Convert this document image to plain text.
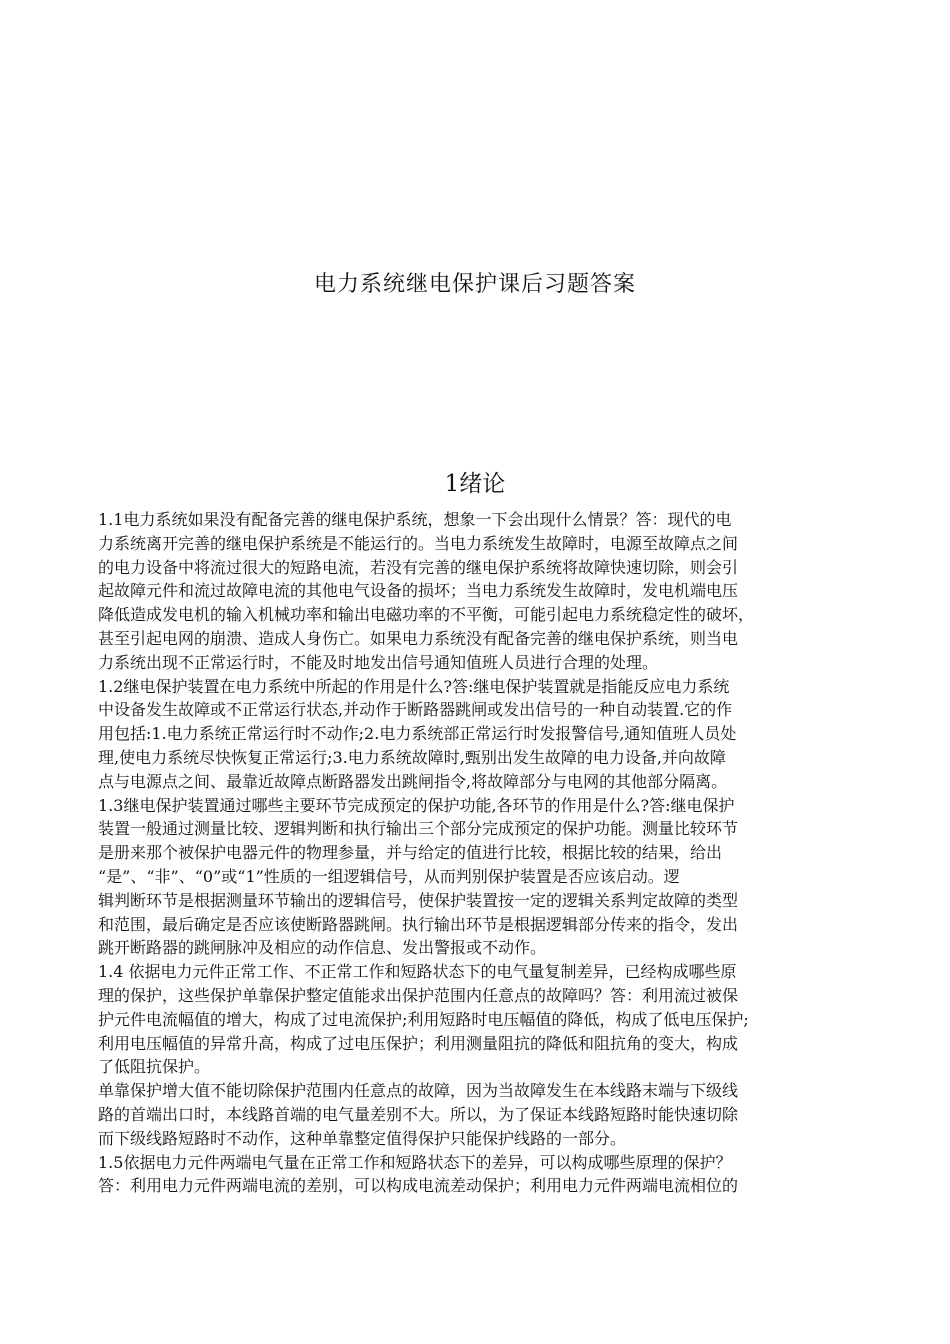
电力系统继电保护课后习题答案
1绪论
1.1电力系统如果没有配备完善的继电保护系统，想象一下会出现什么情景？答：现代的电
力系统离开完善的继电保护系统是不能运行的。当电力系统发生故障时，电源至故障点之间
的电力设备中将流过很大的短路电流，若没有完善的继电保护系统将故障快速切除，则会引
起故障元件和流过故障电流的其他电气设备的损坏；当电力系统发生故障时，发电机端电压
降低造成发电机的输入机械功率和输出电磁功率的不平衡，可能引起电力系统稳定性的破坏，
甚至引起电网的崩溃、造成人身伤亡。如果电力系统没有配备完善的继电保护系统，则当电
力系统出现不正常运行时，不能及时地发出信号通知值班人员进行合理的处理。
1.2继电保护装置在电力系统中所起的作用是什么?答:继电保护装置就是指能反应电力系统
中设备发生故障或不正常运行状态,并动作于断路器跳闸或发出信号的一种自动装置.它的作
用包括:1.电力系统正常运行时不动作;2.电力系统部正常运行时发报警信号,通知值班人员处
理,使电力系统尽快恢复正常运行;3.电力系统故障时,甄别出发生故障的电力设备,并向故障
点与电源点之间、最靠近故障点断路器发出跳闸指令,将故障部分与电网的其他部分隔离。
1.3继电保护装置通过哪些主要环节完成预定的保护功能,各环节的作用是什么?答:继电保护
装置一般通过测量比较、逻辑判断和执行输出三个部分完成预定的保护功能。测量比较环节
是册来那个被保护电器元件的物理参量，并与给定的值进行比较，根据比较的结果，给出
“是”、“非”、“0”或“1”性质的一组逻辑信号，从而判别保护装置是否应该启动。逻
辑判断环节是根据测量环节输出的逻辑信号，使保护装置按一定的逻辑关系判定故障的类型
和范围，最后确定是否应该使断路器跳闸。执行输出环节是根据逻辑部分传来的指令，发出
跳开断路器的跳闸脉冲及相应的动作信息、发出警报或不动作。
1.4 依据电力元件正常工作、不正常工作和短路状态下的电气量复制差异，已经构成哪些原
理的保护，这些保护单靠保护整定值能求出保护范围内任意点的故障吗？答：利用流过被保
护元件电流幅值的增大，构成了过电流保护;利用短路时电压幅值的降低，构成了低电压保护;
利用电压幅值的异常升高，构成了过电压保护；利用测量阻抗的降低和阻抗角的变大，构成
了低阻抗保护。
单靠保护增大值不能切除保护范围内任意点的故障，因为当故障发生在本线路末端与下级线
路的首端出口时，本线路首端的电气量差别不大。所以，为了保证本线路短路时能快速切除
而下级线路短路时不动作，这种单靠整定值得保护只能保护线路的一部分。
1.5依据电力元件两端电气量在正常工作和短路状态下的差异，可以构成哪些原理的保护？
答：利用电力元件两端电流的差别，可以构成电流差动保护；利用电力元件两端电流相位的
